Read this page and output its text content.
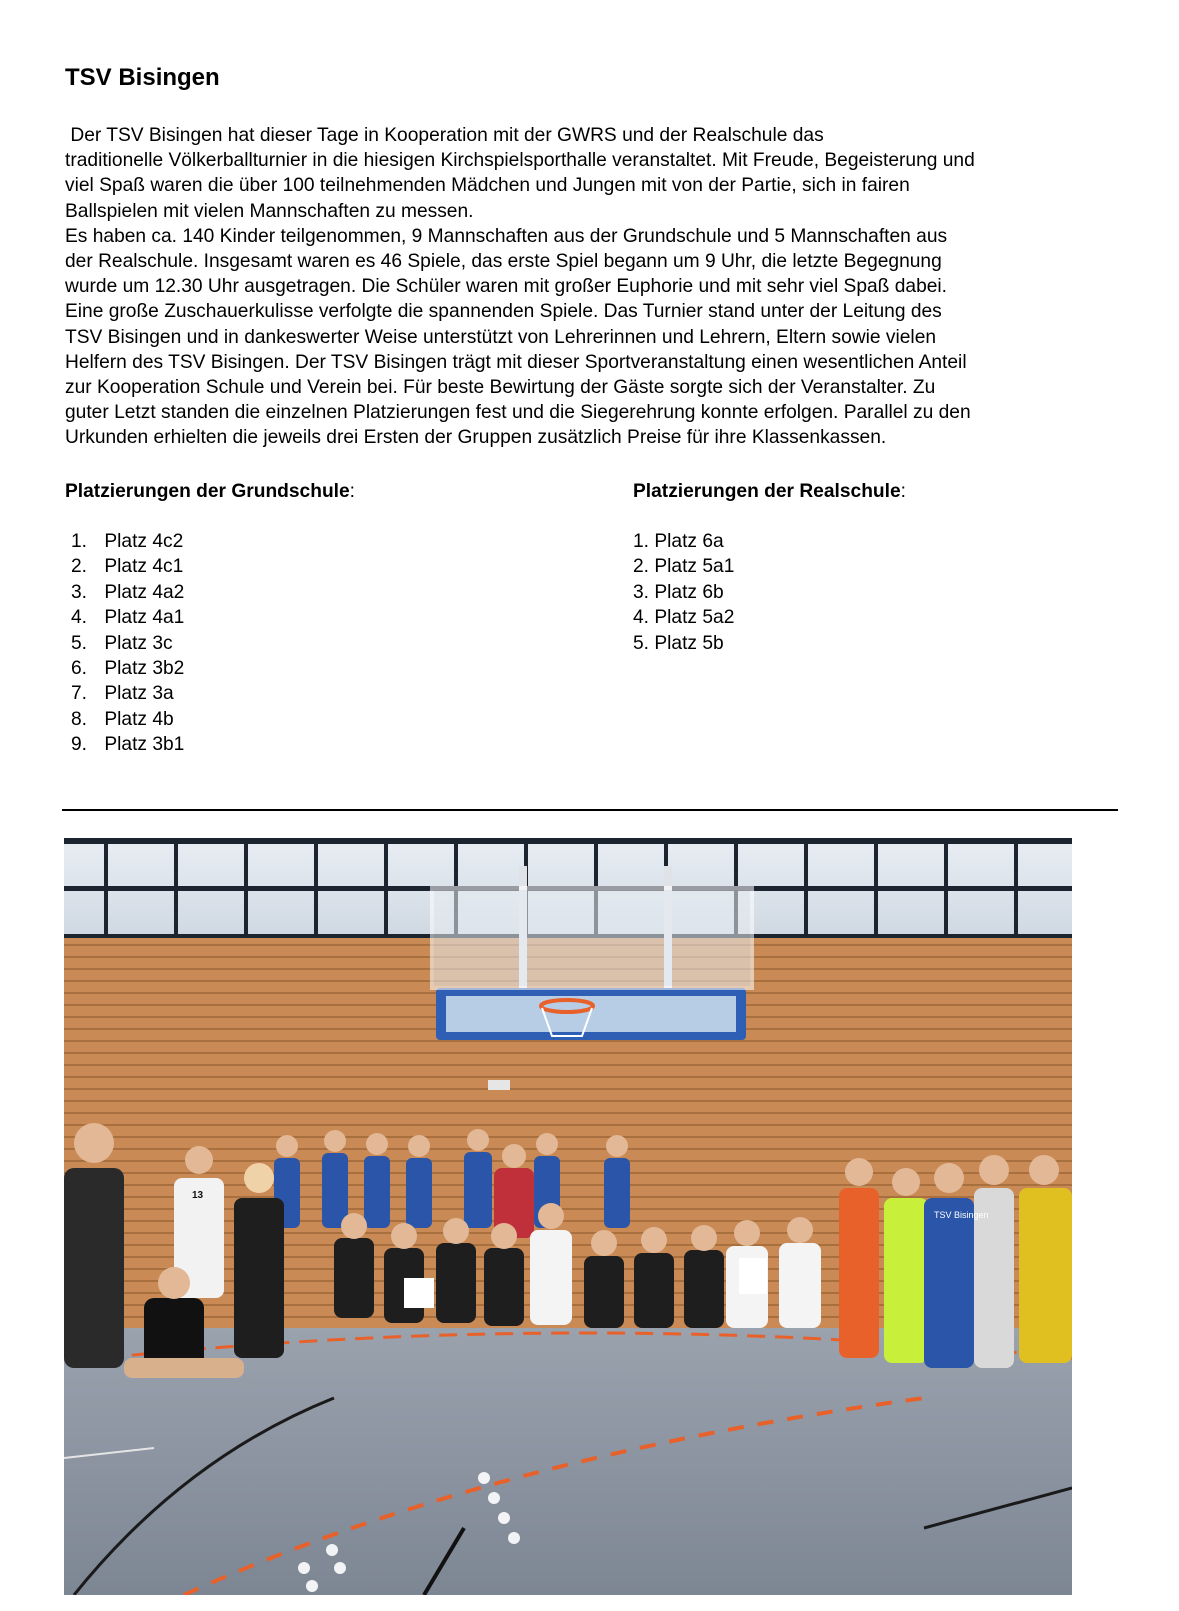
TSV Bisingen

Der TSV Bisingen hat dieser Tage in Kooperation mit der GWRS und der Realschule das

traditionelle Völkerballturnier in die hiesigen Kirchspielsporthalle veranstaltet. Mit Freude, Begeisterung und

viel Spaß waren die über 100 teilnehmenden Mädchen und Jungen mit von der Partie, sich in fairen

Ballspielen mit vielen Mannschaften zu messen.

Es haben ca. 140 Kinder teilgenommen, 9 Mannschaften aus der Grundschule und 5 Mannschaften aus

der Realschule. Insgesamt waren es 46 Spiele, das erste Spiel begann um 9 Uhr, die letzte Begegnung

wurde um 12.30 Uhr ausgetragen. Die Schüler waren mit großer Euphorie und mit sehr viel Spaß dabei.

Eine große Zuschauerkulisse verfolgte die spannenden Spiele. Das Turnier stand unter der Leitung des

TSV Bisingen und in dankeswerter Weise unterstützt von Lehrerinnen und Lehrern, Eltern sowie vielen

Helfern des TSV Bisingen. Der TSV Bisingen trägt mit dieser Sportveranstaltung einen wesentlichen Anteil

zur Kooperation Schule und Verein bei. Für beste Bewirtung der Gäste sorgte sich der Veranstalter. Zu

guter Letzt standen die einzelnen Platzierungen fest und die Siegerehrung konnte erfolgen. Parallel zu den

Urkunden erhielten die jeweils drei Ersten der Gruppen zusätzlich Preise für ihre Klassenkassen.

Platzierungen der Grundschule:

1. Platz 4c2
2. Platz 4c1
3. Platz 4a2
4. Platz 4a1
5. Platz 3c
6. Platz 3b2
7. Platz 3a
8. Platz 4b
9. Platz 3b1

Platzierungen der Realschule:

1. Platz 6a
2. Platz 5a1
3. Platz 6b
4. Platz 5a2
5. Platz 5b
TSV Bisingen
13
